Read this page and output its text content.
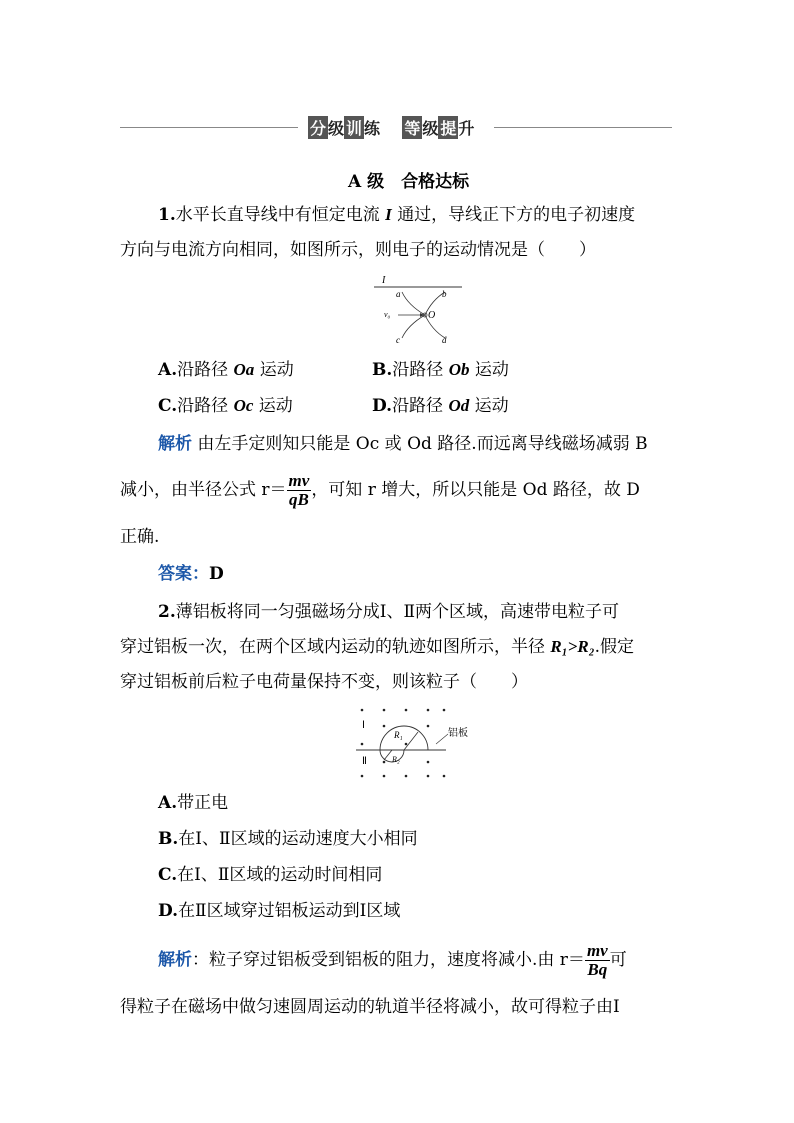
分 级 训 练    等 级 提 升
A 级　合格达标
1.水平长直导线中有恒定电流 I 通过，导线正下方的电子初速度
方向与电流方向相同，如图所示，则电子的运动情况是（　　）
I
a	b
v₀	O
c	d
A.沿路径 Oa 运动	B.沿路径 Ob 运动
C.沿路径 Oc 运动	D.沿路径 Od 运动
解析 由左手定则知只能是 Oc 或 Od 路径.而远离导线磁场减弱 B
减小，由半径公式 $r= \frac{mv}{qB}$ ，可知 r 增大，所以只能是 Od 路径，故 D
正确.
答案：D
2.薄铝板将同一匀强磁场分成Ⅰ、Ⅱ两个区域，高速带电粒子可
穿过铝板一次，在两个区域内运动的轨迹如图所示，半径 R₁>R₂.假定
穿过铝板前后粒子电荷量保持不变，则该粒子（　　）
Ⅰ
Ⅱ
R₁
R₂
铝板
A.带正电
B.在Ⅰ、Ⅱ区域的运动速度大小相同
C.在Ⅰ、Ⅱ区域的运动时间相同
D.在Ⅱ区域穿过铝板运动到Ⅰ区域
解析：粒子穿过铝板受到铝板的阻力，速度将减小.由 $r= \frac{mv}{Bq}$ 可
得粒子在磁场中做匀速圆周运动的轨道半径将减小，故可得粒子由Ⅰ
